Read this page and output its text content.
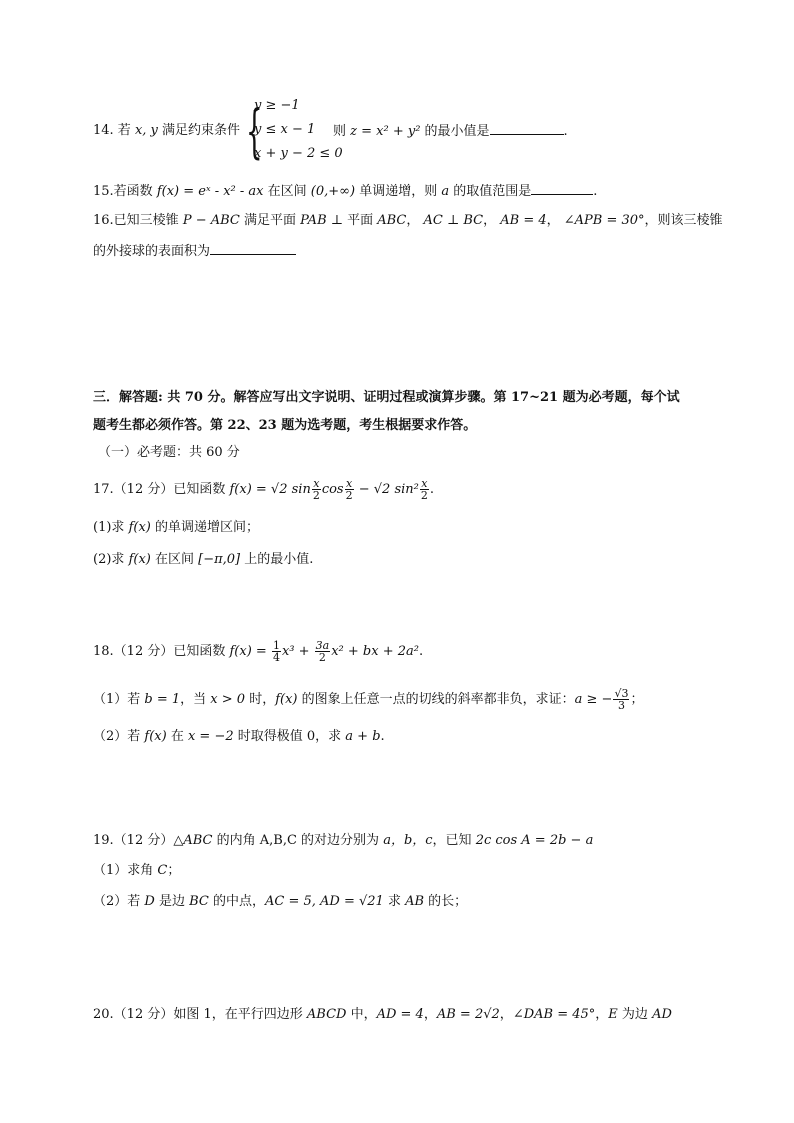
14. 若 x, y 满足约束条件 {
y ≥ −1
y ≤ x − 1
x + y − 2 ≤ 0
则 z = x² + y² 的最小值是	.
15.若函数 f(x) = eˣ - x² - ax 在区间 (0,+∞) 单调递增，则 a 的取值范围是	.
16.已知三棱锥 P − ABC 满足平面 PAB ⊥ 平面 ABC， AC ⊥ BC， AB = 4， ∠APB = 30°，则该三棱锥
的外接球的表面积为
三．解答题: 共 70 分。解答应写出文字说明、证明过程或演算步骤。第 17~21 题为必考题，每个试
题考生都必须作答。第 22、23 题为选考题，考生根据要求作答。
（一）必考题：共 60 分
17.（12 分）已知函数 f(x) = √2 $\sin \frac{x}{2}$ $\cos \frac{x}{2} - √2$ $\sin^2 \frac{x}{2}$ .
(1)求 f(x) 的单调递增区间；
(2)求 f(x) 在区间 [−π,0] 上的最小值.
18.（12 分）已知函数 $f(x) = \frac{1}{4} x^3 + \frac{3a}{2} x^2$ + bx + 2a².
（1）若 b = 1，当 x > 0 时，f(x) 的图象上任意一点的切线的斜率都非负，求证：a ≥ − $\frac{√3}{3}$ ；
（2）若 f(x) 在 x = −2 时取得极值 0，求 a + b.
19.（12 分）△ABC 的内角 A,B,C 的对边分别为 a，b，c，已知 2c cos A = 2b − a
（1）求角 C；
（2）若 D 是边 BC 的中点，AC = 5, AD = √21 求 AB 的长；
20.（12 分）如图 1，在平行四边形 ABCD 中，AD = 4，AB = 2√2，∠DAB = 45°，E 为边 AD
